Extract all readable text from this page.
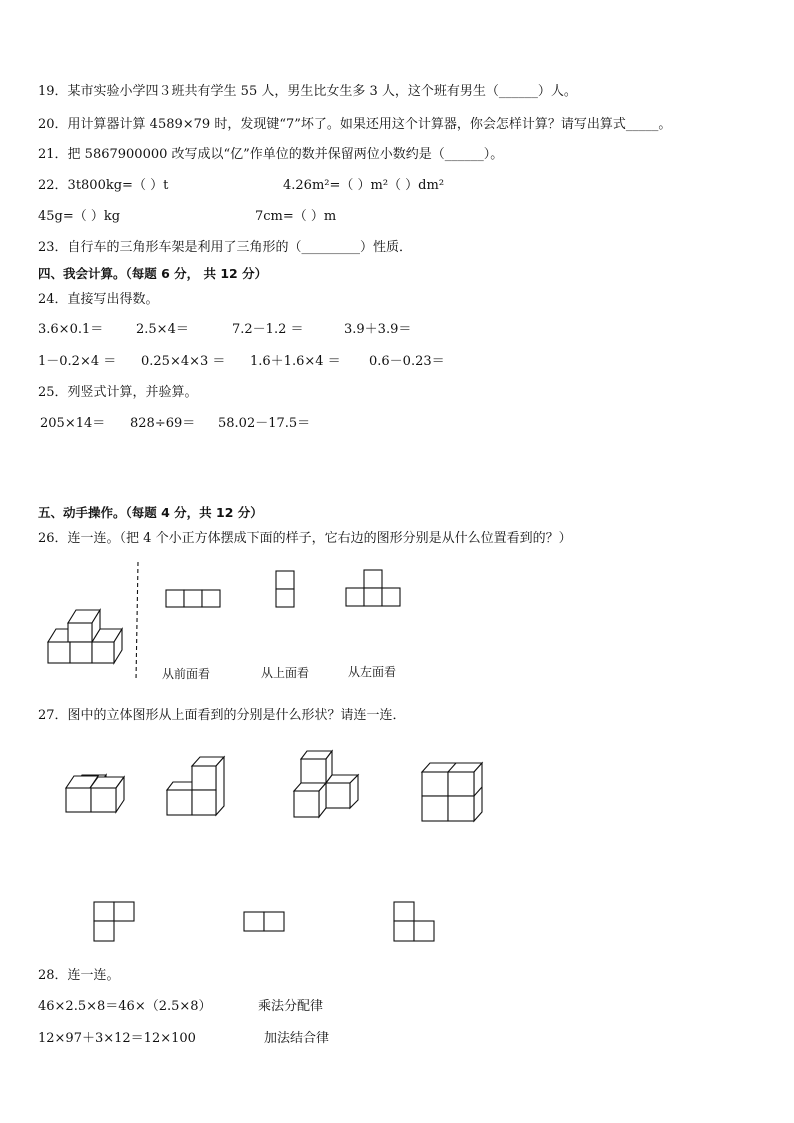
19．某市实验小学四３班共有学生 55 人，男生比女生多 3 人，这个班有男生（______）人。
20．用计算器计算 4589×79 时，发现键“7”坏了。如果还用这个计算器，你会怎样计算？请写出算式_____。
21．把 5867900000 改写成以“亿”作单位的数并保留两位小数约是（______）。
22．3t800kg=（ ）t	4.26m²=（ ）m²（ ）dm²
45g=（ ）kg	7cm=（ ）m
23．自行车的三角形车架是利用了三角形的（_________）性质．
四、我会计算。（每题 6 分， 共 12 分）
24．直接写出得数。
3.6×0.1＝	2.5×4＝	7.2－1.2 ＝	3.9＋3.9＝
1－0.2×4 ＝ 0.25×4×3 ＝ 1.6＋1.6×4 ＝ 0.6－0.23＝
25．列竖式计算，并验算。
205×14＝ 828÷69＝ 58.02－17.5＝
五、动手操作。（每题 4 分，共 12 分）
26．连一连。（把 4 个小正方体摆成下面的样子，它右边的图形分别是从什么位置看到的？）
从前面看	从上面看	从左面看
27．图中的立体图形从上面看到的分别是什么形状？请连一连．
28．连一连。
46×2.5×8＝46×（2.5×8）	乘法分配律
12×97＋3×12＝12×100	加法结合律
